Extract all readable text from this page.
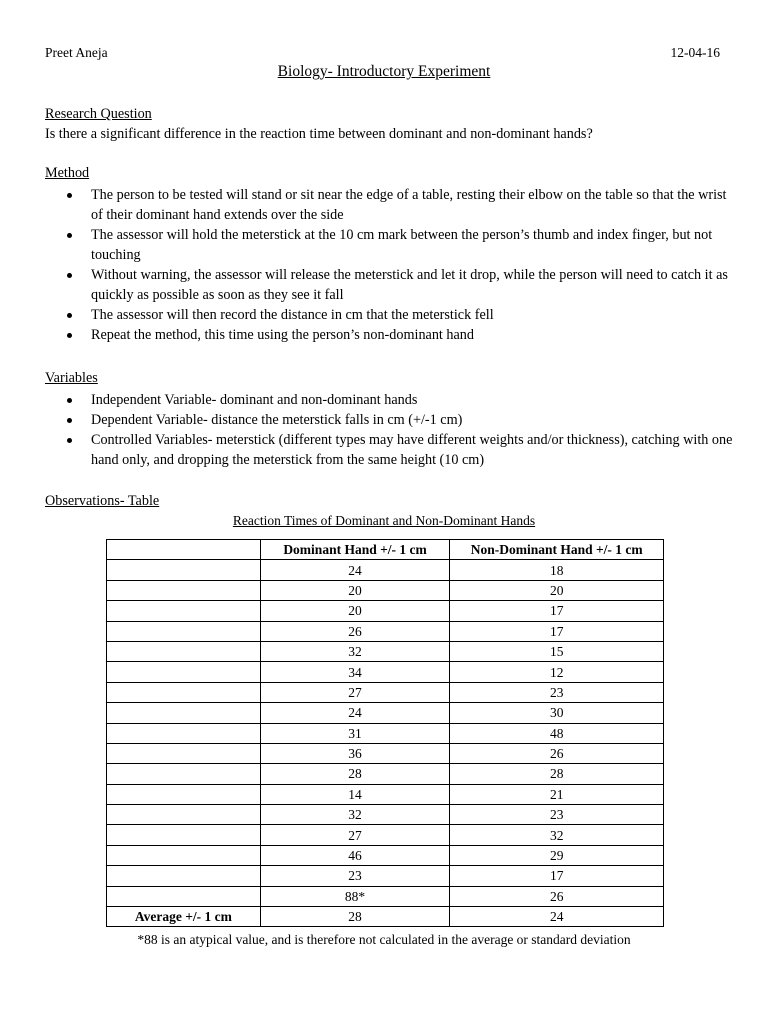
Preet Aneja	12-04-16
Biology- Introductory Experiment
Research Question
Is there a significant difference in the reaction time between dominant and non-dominant hands?
Method
The person to be tested will stand or sit near the edge of a table, resting their elbow on the table so that the wrist of their dominant hand extends over the side
The assessor will hold the meterstick at the 10 cm mark between the person’s thumb and index finger, but not touching
Without warning, the assessor will release the meterstick and let it drop, while the person will need to catch it as quickly as possible as soon as they see it fall
The assessor will then record the distance in cm that the meterstick fell
Repeat the method, this time using the person’s non-dominant hand
Variables
Independent Variable- dominant and non-dominant hands
Dependent Variable- distance the meterstick falls in cm (+/-1 cm)
Controlled Variables- meterstick (different types may have different weights and/or thickness), catching with one hand only, and dropping the meterstick from the same height (10 cm)
Observations- Table
Reaction Times of Dominant and Non-Dominant Hands
	Dominant Hand +/- 1 cm	Non-Dominant Hand +/- 1 cm
	24	18
	20	20
	20	17
	26	17
	32	15
	34	12
	27	23
	24	30
	31	48
	36	26
	28	28
	14	21
	32	23
	27	32
	46	29
	23	17
	88*	26
Average +/- 1 cm	28	24
*88 is an atypical value, and is therefore not calculated in the average or standard deviation
